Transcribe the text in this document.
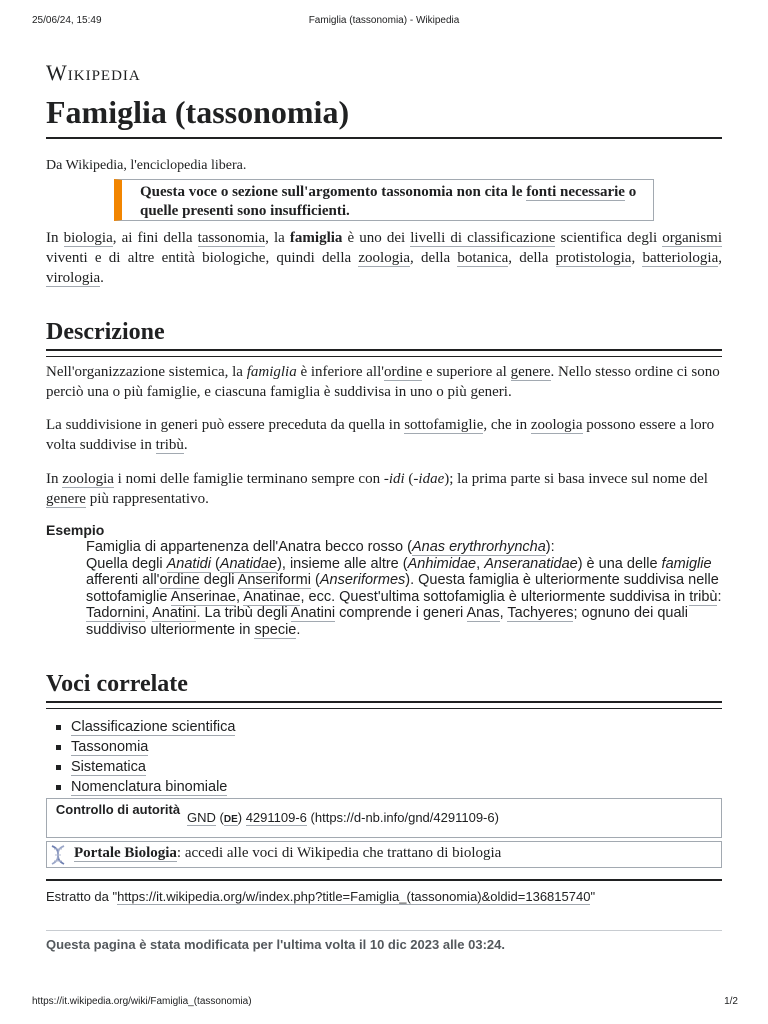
25/06/24, 15:49	Famiglia (tassonomia) - Wikipedia
Wikipedia
Famiglia (tassonomia)
Da Wikipedia, l'enciclopedia libera.
Questa voce o sezione sull'argomento tassonomia non cita le fonti necessarie o quelle presenti sono insufficienti.

In biologia, ai fini della tassonomia, la famiglia è uno dei livelli di classificazione scientifica degli organismi viventi e di altre entità biologiche, quindi della zoologia, della botanica, della protistologia, batteriologia, virologia.

Descrizione

Nell'organizzazione sistemica, la famiglia è inferiore all'ordine e superiore al genere. Nello stesso ordine ci sono perciò una o più famiglie, e ciascuna famiglia è suddivisa in uno o più generi.

La suddivisione in generi può essere preceduta da quella in sottofamiglie, che in zoologia possono essere a loro volta suddivise in tribù.

In zoologia i nomi delle famiglie terminano sempre con -idi (-idae); la prima parte si basa invece sul nome del genere più rappresentativo.

Esempio
Famiglia di appartenenza dell'Anatra becco rosso (Anas erythrorhyncha):
Quella degli Anatidi (Anatidae), insieme alle altre (Anhimidae, Anseranatidae) è una delle famiglie afferenti all'ordine degli Anseriformi (Anseriformes). Questa famiglia è ulteriormente suddivisa nelle sottofamiglie Anserinae, Anatinae, ecc. Quest'ultima sottofamiglia è ulteriormente suddivisa in tribù: Tadornini, Anatini. La tribù degli Anatini comprende i generi Anas, Tachyeres; ognuno dei quali suddiviso ulteriormente in specie.
Voci correlate
Classificazione scientifica
Tassonomia
Sistematica
Nomenclatura binomiale
Controllo di autorità
GND (DE) 4291109-6 (https://d-nb.info/gnd/4291109-6)
Portale Biologia: accedi alle voci di Wikipedia che trattano di biologia
Estratto da "https://it.wikipedia.org/w/index.php?title=Famiglia_(tassonomia)&oldid=136815740"
Questa pagina è stata modificata per l'ultima volta il 10 dic 2023 alle 03:24.
https://it.wikipedia.org/wiki/Famiglia_(tassonomia)	1/2
